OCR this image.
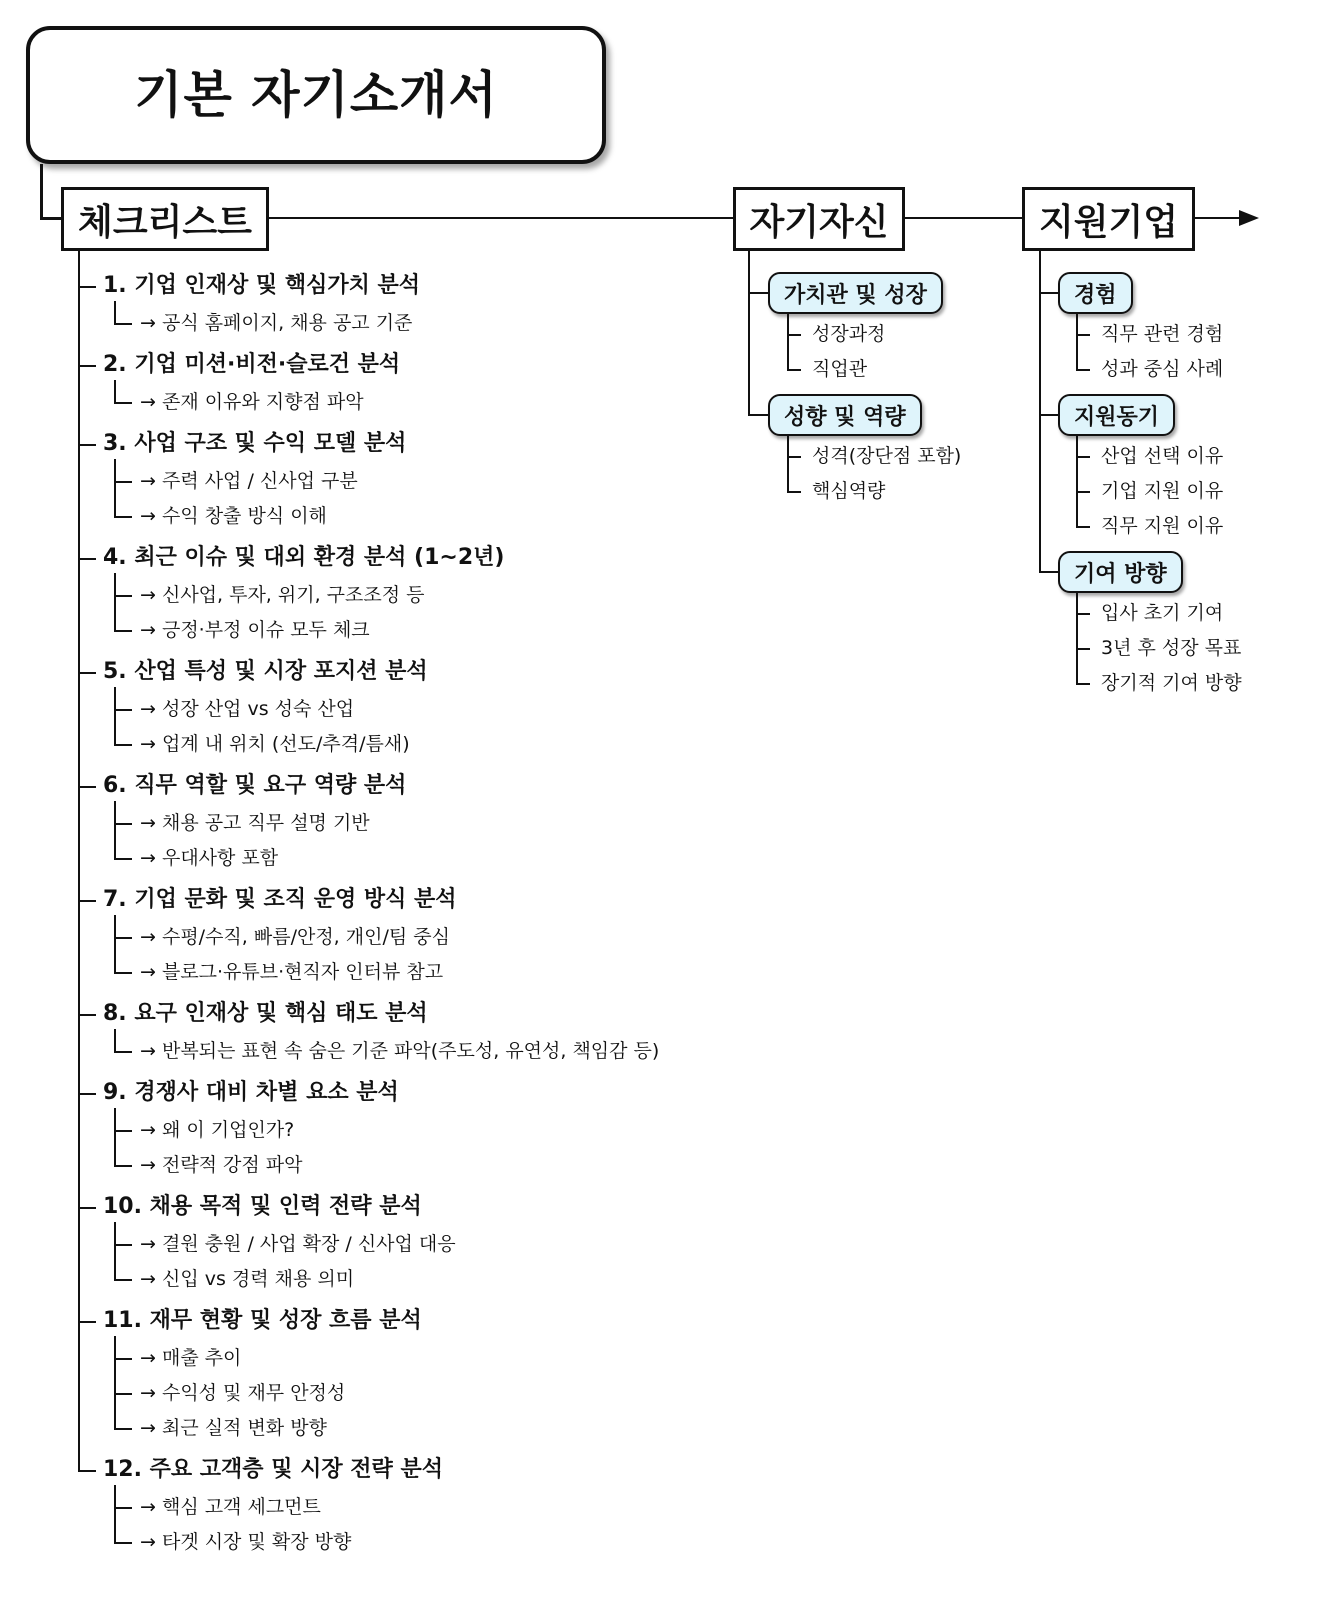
기본 자기소개서
체크리스트	자기자신	지원기업
1. 기업 인재상 및 핵심가치 분석
→ 공식 홈페이지, 채용 공고 기준
2. 기업 미션·비전·슬로건 분석
→ 존재 이유와 지향점 파악
3. 사업 구조 및 수익 모델 분석
→ 주력 사업 / 신사업 구분
→ 수익 창출 방식 이해
4. 최근 이슈 및 대외 환경 분석 (1~2년)
→ 신사업, 투자, 위기, 구조조정 등
→ 긍정·부정 이슈 모두 체크
5. 산업 특성 및 시장 포지션 분석
→ 성장 산업 vs 성숙 산업
→ 업계 내 위치 (선도/추격/틈새)
6. 직무 역할 및 요구 역량 분석
→ 채용 공고 직무 설명 기반
→ 우대사항 포함
7. 기업 문화 및 조직 운영 방식 분석
→ 수평/수직, 빠름/안정, 개인/팀 중심
→ 블로그·유튜브·현직자 인터뷰 참고
8. 요구 인재상 및 핵심 태도 분석
→ 반복되는 표현 속 숨은 기준 파악(주도성, 유연성, 책임감 등)
9. 경쟁사 대비 차별 요소 분석
→ 왜 이 기업인가?
→ 전략적 강점 파악
10. 채용 목적 및 인력 전략 분석
→ 결원 충원 / 사업 확장 / 신사업 대응
→ 신입 vs 경력 채용 의미
11. 재무 현황 및 성장 흐름 분석
→ 매출 추이
→ 수익성 및 재무 안정성
→ 최근 실적 변화 방향
12. 주요 고객층 및 시장 전략 분석
→ 핵심 고객 세그먼트
→ 타겟 시장 및 확장 방향
가치관 및 성장
성장과정
직업관
성향 및 역량
성격(장단점 포함)
핵심역량
경험
직무 관련 경험
성과 중심 사례
지원동기
산업 선택 이유
기업 지원 이유
직무 지원 이유
기여 방향
입사 초기 기여
3년 후 성장 목표
장기적 기여 방향
